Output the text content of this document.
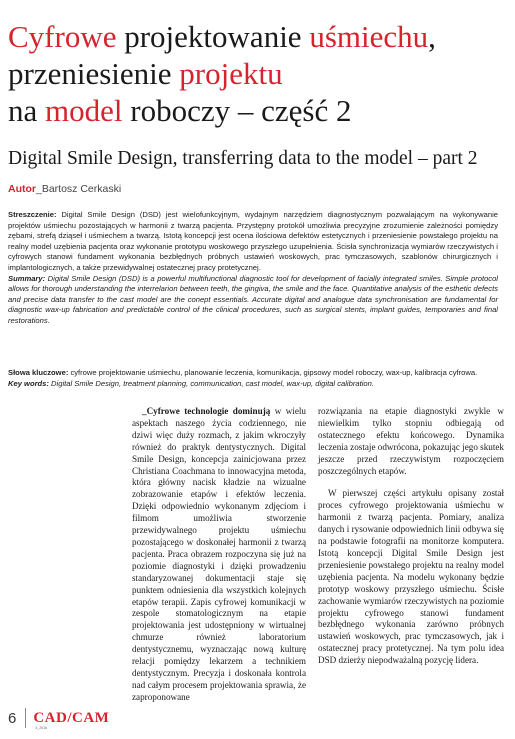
Cyfrowe projektowanie uśmiechu,
przeniesienie projektu
na model roboczy – część 2
Digital Smile Design, transferring data to the model – part 2
Autor_Bartosz Cerkaski
Streszczenie: Digital Smile Design (DSD) jest wielofunkcyjnym, wydajnym narzędziem diagnostycznym pozwalającym na wykonywanie projektów uśmiechu pozostających w harmonii z twarzą pacjenta. Przystępny protokół umożliwia precyzyjne zrozumienie zależności pomiędzy zębami, strefą dziąseł i uśmiechem a twarzą. Istotą koncepcji jest ocena ilościowa defektów estetycznych i przeniesienie powstałego projektu na realny model uzębienia pacjenta oraz wykonanie prototypu woskowego przyszłego uzupełnienia. Ścisła synchronizacja wymiarów rzeczywistych i cyfrowych stanowi fundament wykonania bezbłędnych próbnych ustawień woskowych, prac tymczasowych, szablonów chirurgicznych i implantologicznych, a także przewidywalnej ostatecznej pracy protetycznej.
Summary: Digital Smile Design (DSD) is a powerful multifunctional diagnostic tool for development of facially integrated smiles. Simple protocol allows for thorough understanding the interrelarion between teeth, the gingiva, the smile and the face. Quantitative analysis of the esthetic defects and precise data transfer to the cast model are the conept essentials. Accurate digital and analogue data synchronisation are fundamental for diagnostic wax-up fabrication and predictable control of the clinical procedures, such as surgical stents, implant guides, temporaries and final restorations.
Słowa kluczowe: cyfrowe projektowanie uśmiechu, planowanie leczenia, komunikacja, gipsowy model roboczy, wax-up, kalibracja cyfrowa.
Key words: Digital Smile Design, treatment planning, communication, cast model, wax-up, digital calibration.

_Cyfrowe technologie dominują w wielu aspektach naszego życia codziennego, nie dziwi więc duży rozmach, z jakim wkroczyły również do praktyk dentystycznych. Digital Smile Design, koncepcja zainicjowana przez Christiana Coachmana to innowacyjna metoda, która główny nacisk kładzie na wizualne zobrazowanie etapów i efektów leczenia. Dzięki odpowiednio wykonanym zdjęciom i filmom umożliwia stworzenie przewidywalnego projektu uśmiechu pozostającego w doskonałej harmonii z twarzą pacjenta. Praca obrazem rozpoczyna się już na poziomie diagnostyki i dzięki prowadzeniu standaryzowanej dokumentacji staje się punktem odniesienia dla wszystkich kolejnych etapów terapii. Zapis cyfrowej komunikacji w zespole stomatologicznym na etapie projektowania jest udostępniony w wirtualnej chmurze również laboratorium dentystycznemu, wyznaczając nową kulturę relacji pomiędzy lekarzem a technikiem dentystycznym. Precyzja i doskonała kontrola nad całym procesem projektowania sprawia, że zaproponowane

rozwiązania na etapie diagnostyki zwykle w niewielkim tylko stopniu odbiegają od ostatecznego efektu końcowego. Dynamika leczenia zostaje odwrócona, pokazując jego skutek jeszcze przed rzeczywistym rozpoczęciem poszczególnych etapów.

W pierwszej części artykułu opisany został proces cyfrowego projektowania uśmiechu w harmonii z twarzą pacjenta. Pomiary, analiza danych i rysowanie odpowiednich linii odbywa się na podstawie fotografii na monitorze komputera. Istotą koncepcji Digital Smile Design jest przeniesienie powstałego projektu na realny model uzębienia pacjenta. Na modelu wykonany będzie prototyp woskowy przyszłego uśmiechu. Ścisłe zachowanie wymiarów rzeczywistych na poziomie projektu cyfrowego stanowi fundament bezbłędnego wykonania zarówno próbnych ustawień woskowych, prac tymczasowych, jak i ostatecznej pracy protetycznej. Na tym polu idea DSD dzierży niepodważalną pozycję lidera.

6 CAD/CAM
4_2016
